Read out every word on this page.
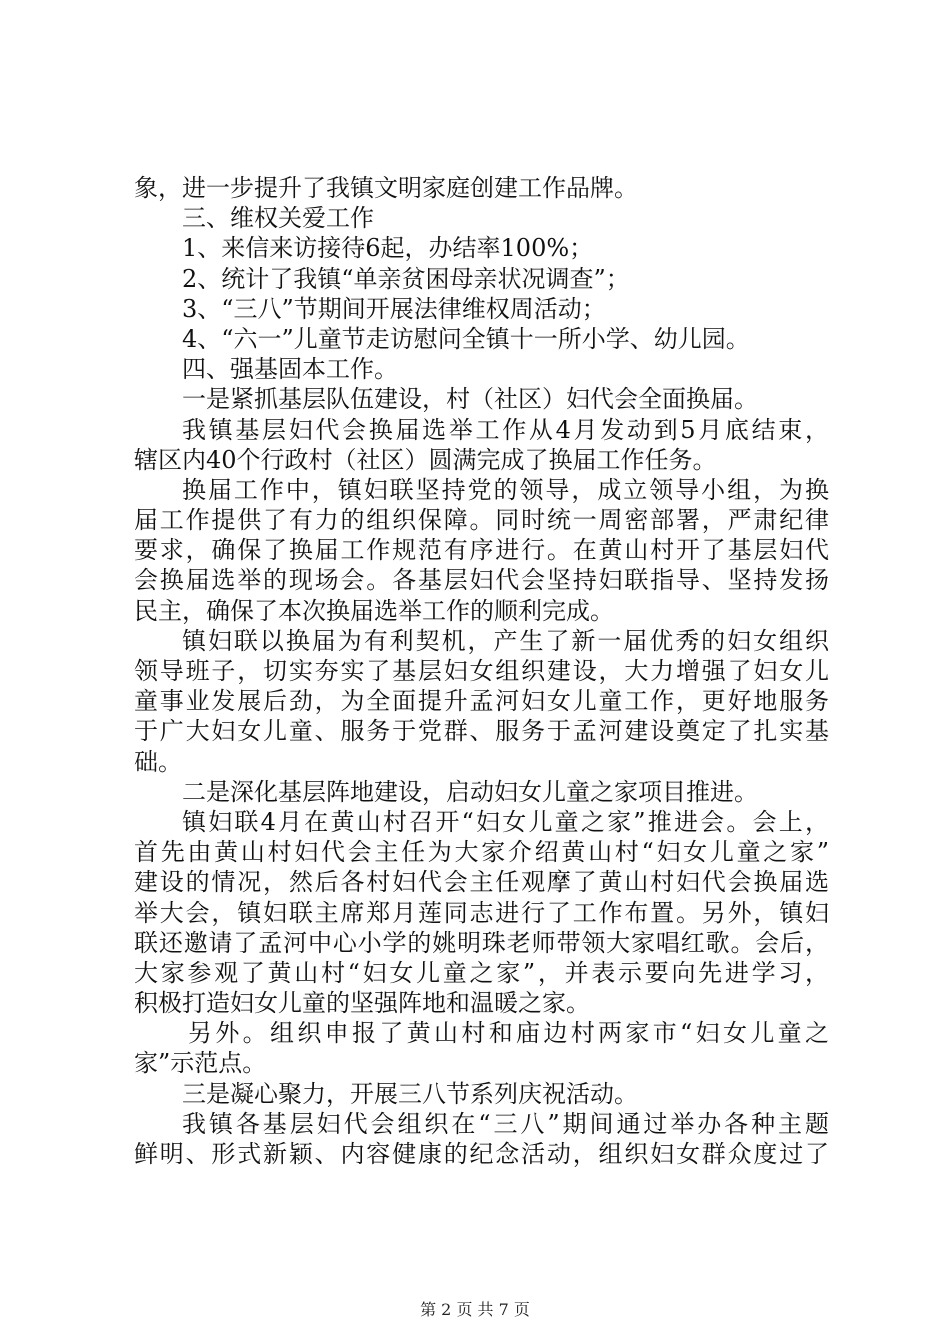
象，进一步提升了我镇文明家庭创建工作品牌。
三、维权关爱工作
1、来信来访接待6起，办结率100%；
2、统计了我镇“单亲贫困母亲状况调查”；
3、“三八”节期间开展法律维权周活动；
4、“六一”儿童节走访慰问全镇十一所小学、幼儿园。
四、强基固本工作。
一是紧抓基层队伍建设，村（社区）妇代会全面换届。
我镇基层妇代会换届选举工作从4月发动到5月底结束，
辖区内40个行政村（社区）圆满完成了换届工作任务。
换届工作中，镇妇联坚持党的领导，成立领导小组，为换
届工作提供了有力的组织保障。同时统一周密部署，严肃纪律
要求，确保了换届工作规范有序进行。在黄山村开了基层妇代
会换届选举的现场会。各基层妇代会坚持妇联指导、坚持发扬
民主，确保了本次换届选举工作的顺利完成。
镇妇联以换届为有利契机，产生了新一届优秀的妇女组织
领导班子，切实夯实了基层妇女组织建设，大力增强了妇女儿
童事业发展后劲，为全面提升孟河妇女儿童工作，更好地服务
于广大妇女儿童、服务于党群、服务于孟河建设奠定了扎实基
础。
二是深化基层阵地建设，启动妇女儿童之家项目推进。
镇妇联4月在黄山村召开“妇女儿童之家”推进会。会上，
首先由黄山村妇代会主任为大家介绍黄山村“妇女儿童之家”
建设的情况，然后各村妇代会主任观摩了黄山村妇代会换届选
举大会，镇妇联主席郑月莲同志进行了工作布置。另外，镇妇
联还邀请了孟河中心小学的姚明珠老师带领大家唱红歌。会后，
大家参观了黄山村“妇女儿童之家”，并表示要向先进学习，
积极打造妇女儿童的坚强阵地和温暖之家。
另外。组织申报了黄山村和庙边村两家市“妇女儿童之
家”示范点。
三是凝心聚力，开展三八节系列庆祝活动。
我镇各基层妇代会组织在“三八”期间通过举办各种主题
鲜明、形式新颖、内容健康的纪念活动，组织妇女群众度过了
第 2 页 共 7 页
